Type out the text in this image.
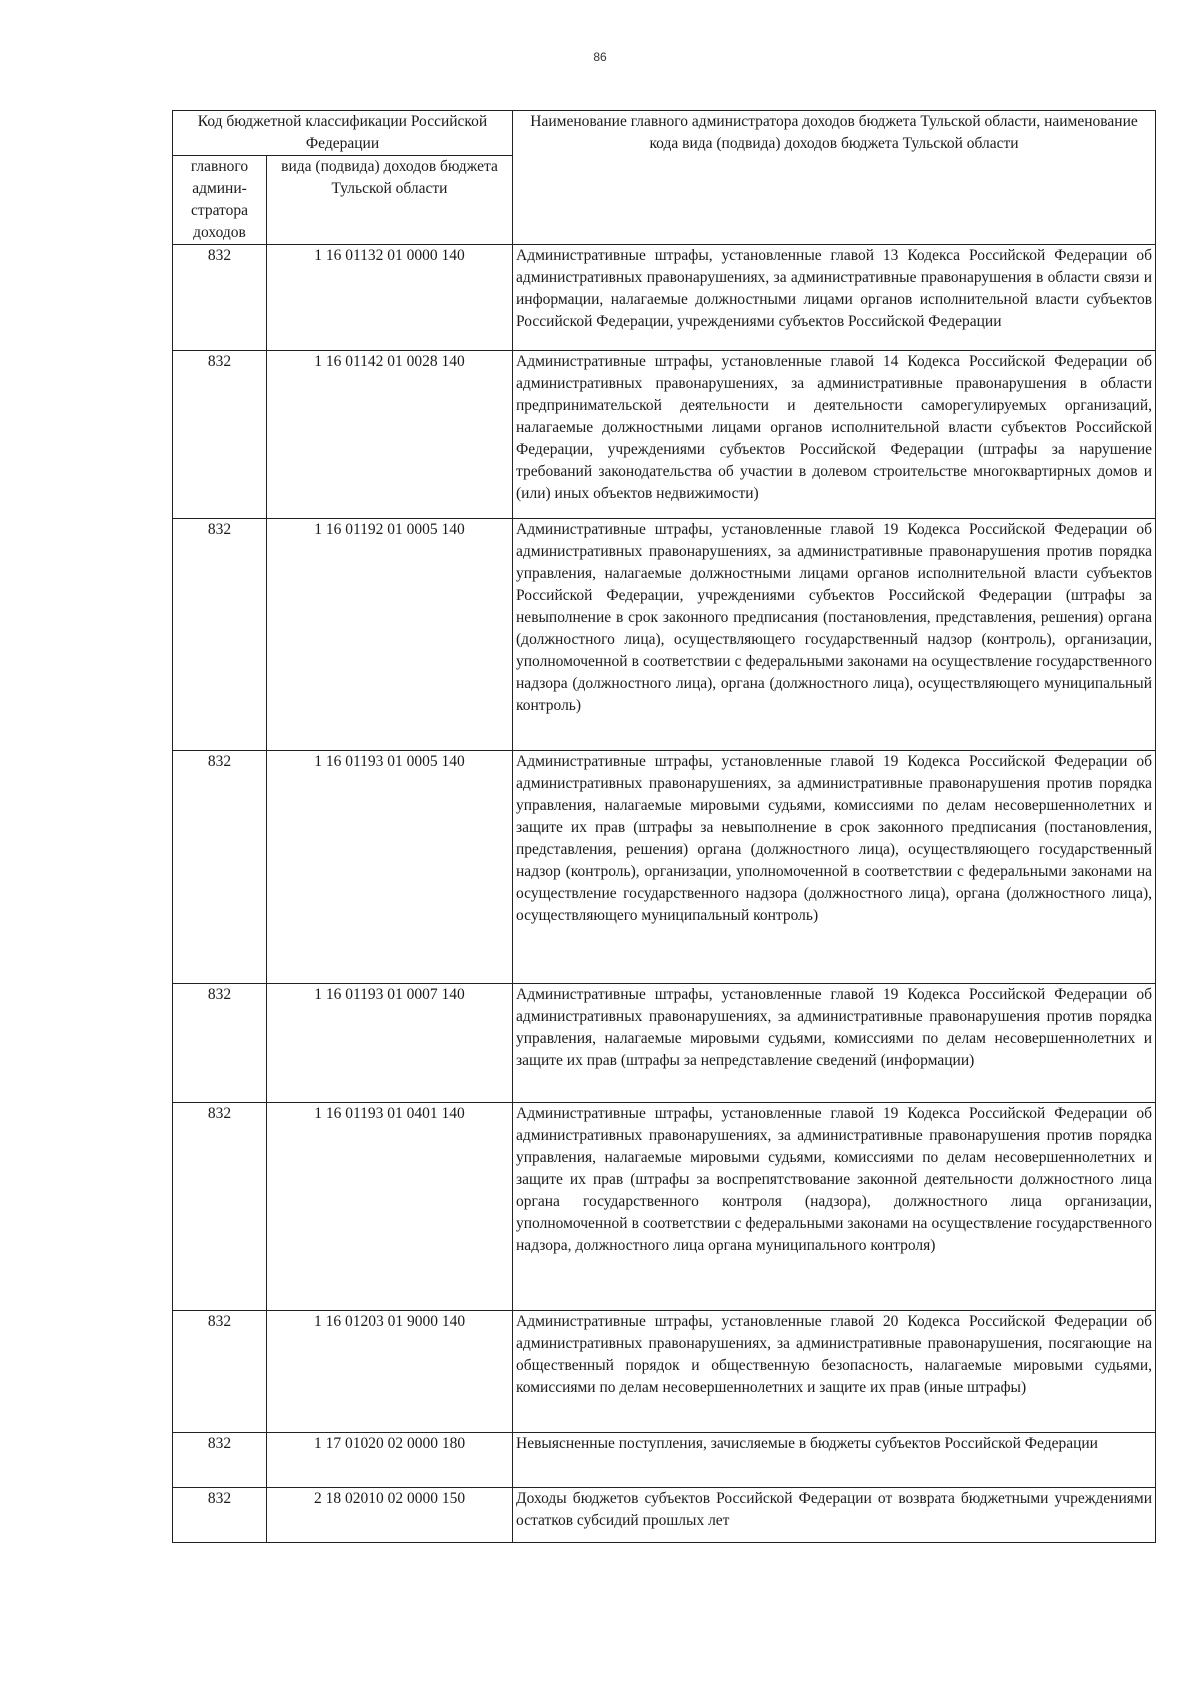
86
Код бюджетной классификации Российской Федерации		Наименование главного администратора доходов бюджета Тульской области, наименование кода вида (подвида) доходов бюджета Тульской области
главного админи-стратора доходов	вида (подвида) доходов бюджета Тульской области	
832	1 16 01132 01 0000 140	Административные штрафы, установленные главой 13 Кодекса Российской Федерации об административных правонарушениях, за административные правонарушения в области связи и информации, налагаемые должностными лицами органов исполнительной власти субъектов Российской Федерации, учреждениями субъектов Российской Федерации
832	1 16 01142 01 0028 140	Административные штрафы, установленные главой 14 Кодекса Российской Федерации об административных правонарушениях, за административные правонарушения в области предпринимательской деятельности и деятельности саморегулируемых организаций, налагаемые должностными лицами органов исполнительной власти субъектов Российской Федерации, учреждениями субъектов Российской Федерации (штрафы за нарушение требований законодательства об участии в долевом строительстве многоквартирных домов и (или) иных объектов недвижимости)
832	1 16 01192 01 0005 140	Административные штрафы, установленные главой 19 Кодекса Российской Федерации об административных правонарушениях, за административные правонарушения против порядка управления, налагаемые должностными лицами органов исполнительной власти субъектов Российской Федерации, учреждениями субъектов Российской Федерации (штрафы за невыполнение в срок законного предписания (постановления, представления, решения) органа (должностного лица), осуществляющего государственный надзор (контроль), организации, уполномоченной в соответствии с федеральными законами на осуществление государственного надзора (должностного лица), органа (должностного лица), осуществляющего муниципальный контроль)
832	1 16 01193 01 0005 140	Административные штрафы, установленные главой 19 Кодекса Российской Федерации об административных правонарушениях, за административные правонарушения против порядка управления, налагаемые мировыми судьями, комиссиями по делам несовершеннолетних и защите их прав (штрафы за невыполнение в срок законного предписания (постановления, представления, решения) органа (должностного лица), осуществляющего государственный надзор (контроль), организации, уполномоченной в соответствии с федеральными законами на осуществление государственного надзора (должностного лица), органа (должностного лица), осуществляющего муниципальный контроль)
832	1 16 01193 01 0007 140	Административные штрафы, установленные главой 19 Кодекса Российской Федерации об административных правонарушениях, за административные правонарушения против порядка управления, налагаемые мировыми судьями, комиссиями по делам несовершеннолетних и защите их прав (штрафы за непредставление сведений (информации)
832	1 16 01193 01 0401 140	Административные штрафы, установленные главой 19 Кодекса Российской Федерации об административных правонарушениях, за административные правонарушения против порядка управления, налагаемые мировыми судьями, комиссиями по делам несовершеннолетних и защите их прав (штрафы за воспрепятствование законной деятельности должностного лица органа государственного контроля (надзора), должностного лица организации, уполномоченной в соответствии с федеральными законами на осуществление государственного надзора, должностного лица органа муниципального контроля)
832	1 16 01203 01 9000 140	Административные штрафы, установленные главой 20 Кодекса Российской Федерации об административных правонарушениях, за административные правонарушения, посягающие на общественный порядок и общественную безопасность, налагаемые мировыми судьями, комиссиями по делам несовершеннолетних и защите их прав (иные штрафы)
832	1 17 01020 02 0000 180	Невыясненные поступления, зачисляемые в бюджеты субъектов Российской Федерации
832	2 18 02010 02 0000 150	Доходы бюджетов субъектов Российской Федерации от возврата бюджетными учреждениями остатков субсидий прошлых лет
